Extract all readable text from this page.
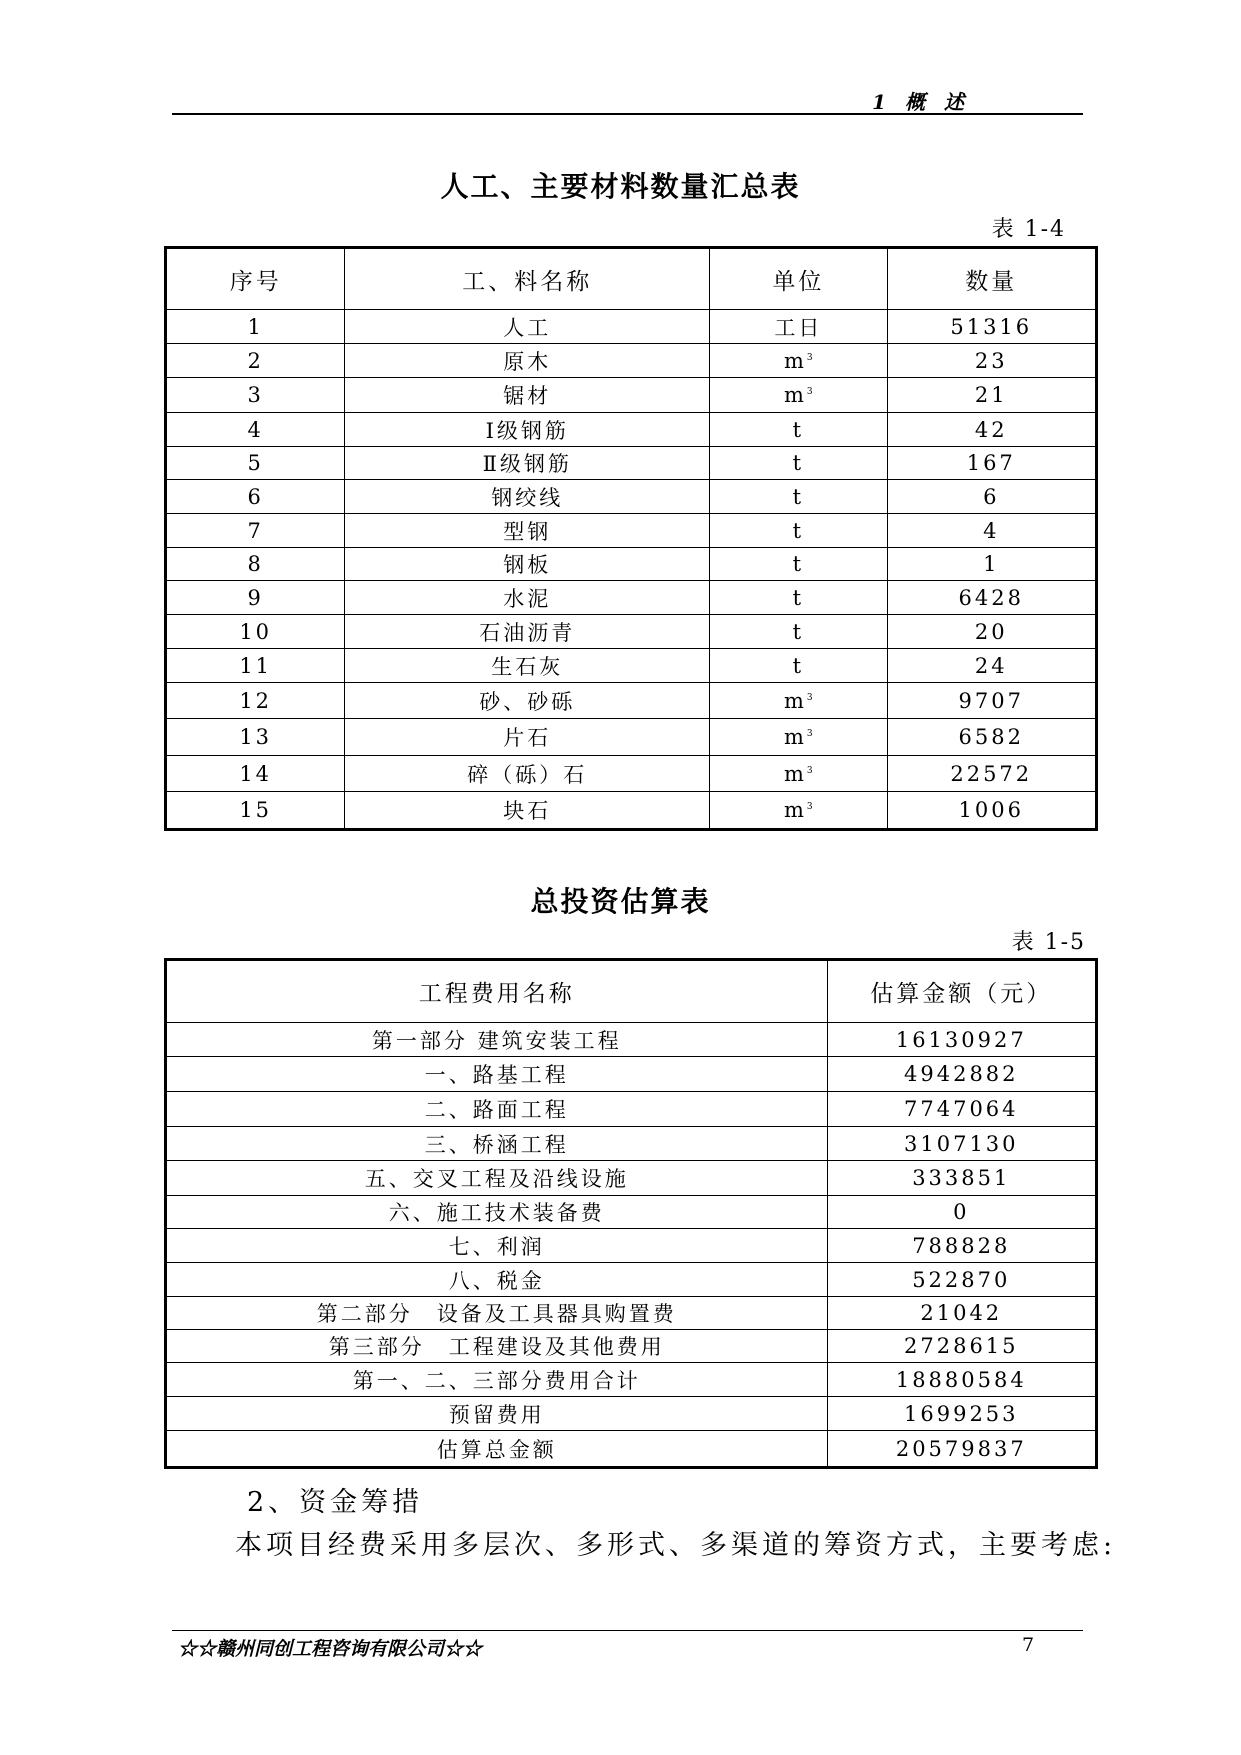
1 概 述
人工、主要材料数量汇总表
表 1-4
序号	工、料名称	单位	数量
1	人工	工日	51316
2	原木	$m^3$	23
3	锯材	$m^3$	21
4	Ⅰ级钢筋	t	42
5	Ⅱ级钢筋	t	167
6	钢绞线	t	6
7	型钢	t	4
8	钢板	t	1
9	水泥	t	6428
10	石油沥青	t	20
11	生石灰	t	24
12	砂、砂砾	$m^3$	9707
13	片石	$m^3$	6582
14	碎（砾）石	$m^3$	22572
15	块石	$m^3$	1006
总投资估算表
表 1-5
工程费用名称	估算金额（元）
第一部分 建筑安装工程	16130927
一、路基工程	4942882
二、路面工程	7747064
三、桥涵工程	3107130
五、交叉工程及沿线设施	333851
六、施工技术装备费	0
七、利润	788828
八、税金	522870
第二部分　设备及工具器具购置费	21042
第三部分　工程建设及其他费用	2728615
第一、二、三部分费用合计	18880584
预留费用	1699253
估算总金额	20579837
2、资金筹措
本项目经费采用多层次、多形式、多渠道的筹资方式，主要考虑:
☆☆赣州同创工程咨询有限公司☆☆	7
